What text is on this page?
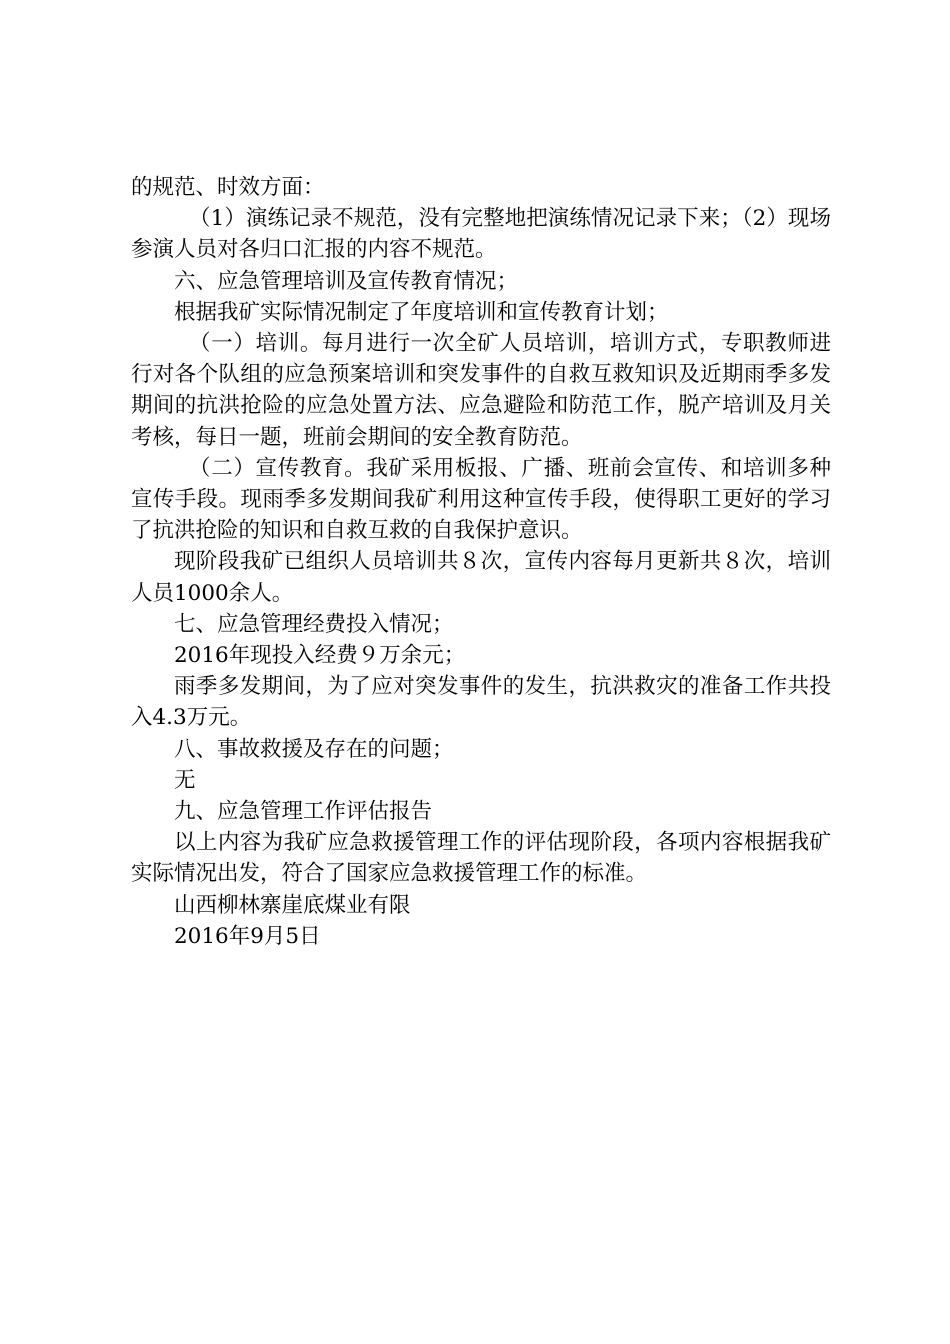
的规范、时效方面：

（1）演练记录不规范，没有完整地把演练情况记录下来；（2）现场参演人员对各归口汇报的内容不规范。

六、应急管理培训及宣传教育情况；

根据我矿实际情况制定了年度培训和宣传教育计划；

（一）培训。每月进行一次全矿人员培训，培训方式，专职教师进行对各个队组的应急预案培训和突发事件的自救互救知识及近期雨季多发期间的抗洪抢险的应急处置方法、应急避险和防范工作，脱产培训及月关考核，每日一题，班前会期间的安全教育防范。

（二）宣传教育。我矿采用板报、广播、班前会宣传、和培训多种宣传手段。现雨季多发期间我矿利用这种宣传手段，使得职工更好的学习了抗洪抢险的知识和自救互救的自我保护意识。

现阶段我矿已组织人员培训共８次，宣传内容每月更新共８次，培训人员1000余人。

七、应急管理经费投入情况；

2016年现投入经费９万余元；

雨季多发期间，为了应对突发事件的发生，抗洪救灾的准备工作共投入4.3万元。

八、事故救援及存在的问题；

无

九、应急管理工作评估报告

以上内容为我矿应急救援管理工作的评估现阶段，各项内容根据我矿实际情况出发，符合了国家应急救援管理工作的标准。

山西柳林寨崖底煤业有限

2016年9月5日
